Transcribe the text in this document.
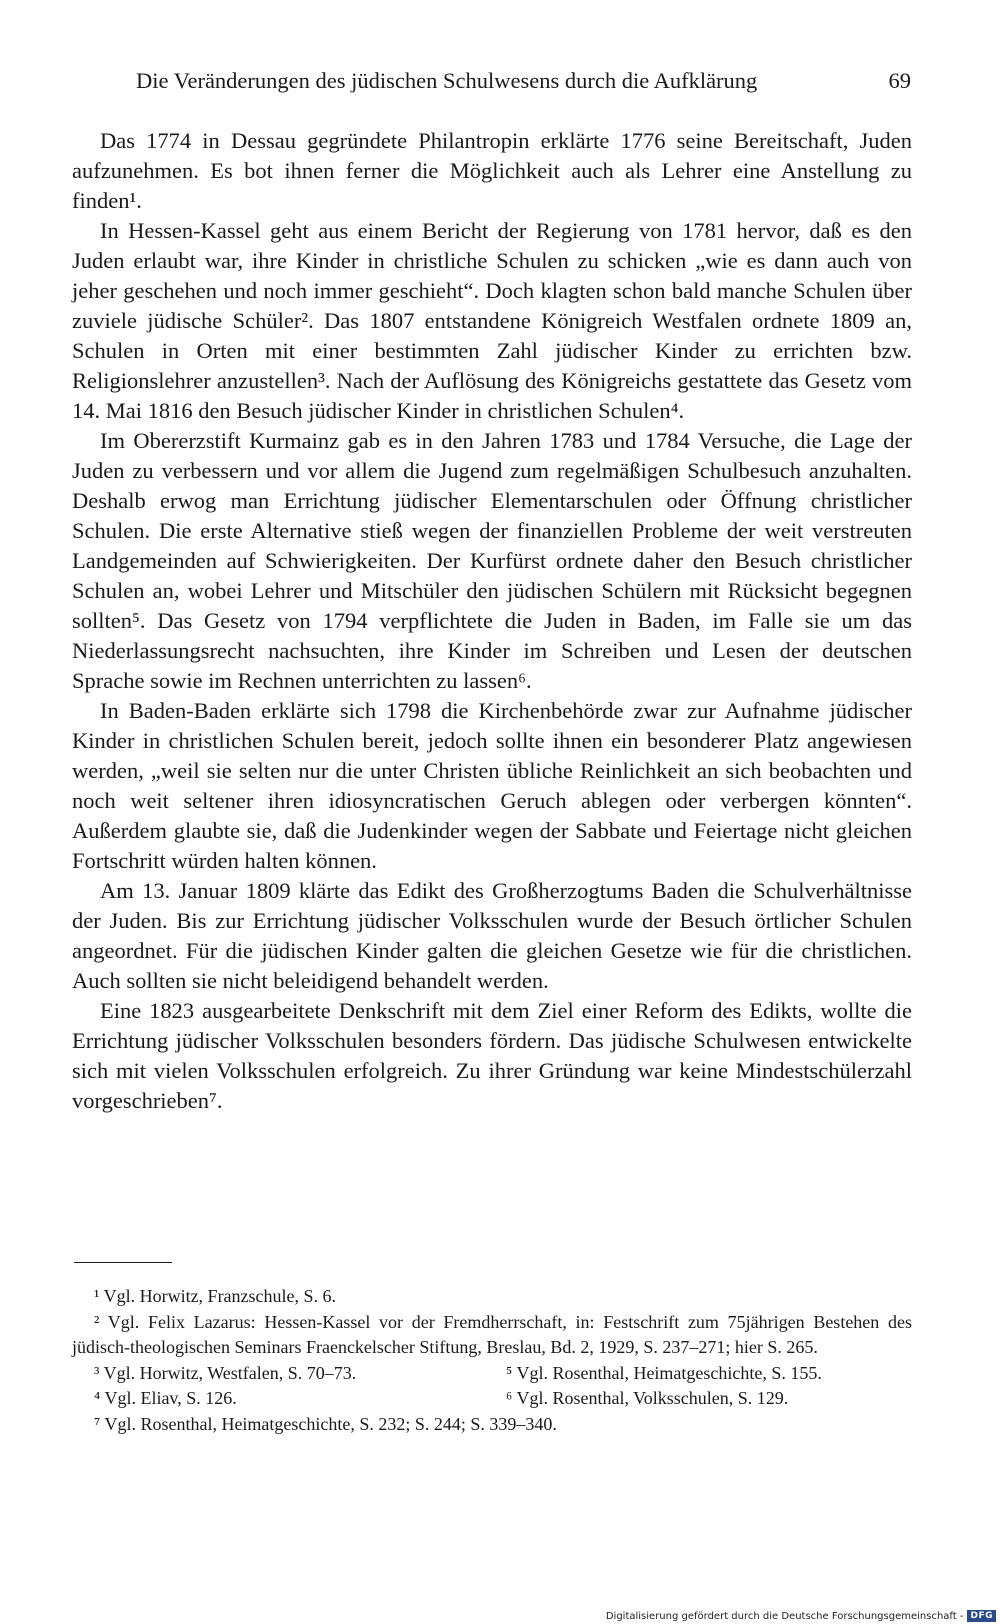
Die Veränderungen des jüdischen Schulwesens durch die Aufklärung	69

Das 1774 in Dessau gegründete Philantropin erklärte 1776 seine Bereitschaft, Juden aufzunehmen. Es bot ihnen ferner die Möglichkeit auch als Lehrer eine Anstellung zu finden¹.

In Hessen-Kassel geht aus einem Bericht der Regierung von 1781 hervor, daß es den Juden erlaubt war, ihre Kinder in christliche Schulen zu schicken „wie es dann auch von jeher geschehen und noch immer geschieht“. Doch klagten schon bald manche Schulen über zuviele jüdische Schüler². Das 1807 entstandene Königreich Westfalen ordnete 1809 an, Schulen in Orten mit einer bestimmten Zahl jüdischer Kinder zu errichten bzw. Religionslehrer anzustellen³. Nach der Auflösung des Königreichs gestattete das Gesetz vom 14. Mai 1816 den Besuch jüdischer Kinder in christlichen Schulen⁴.

Im Obererzstift Kurmainz gab es in den Jahren 1783 und 1784 Versuche, die Lage der Juden zu verbessern und vor allem die Jugend zum regelmäßigen Schulbesuch anzuhalten. Deshalb erwog man Errichtung jüdischer Elementarschulen oder Öffnung christlicher Schulen. Die erste Alternative stieß wegen der finanziellen Probleme der weit verstreuten Landgemeinden auf Schwierigkeiten. Der Kurfürst ordnete daher den Besuch christlicher Schulen an, wobei Lehrer und Mitschüler den jüdischen Schülern mit Rücksicht begegnen sollten⁵. Das Gesetz von 1794 verpflichtete die Juden in Baden, im Falle sie um das Niederlassungsrecht nachsuchten, ihre Kinder im Schreiben und Lesen der deutschen Sprache sowie im Rechnen unterrichten zu lassen⁶.

In Baden-Baden erklärte sich 1798 die Kirchenbehörde zwar zur Aufnahme jüdischer Kinder in christlichen Schulen bereit, jedoch sollte ihnen ein besonderer Platz angewiesen werden, „weil sie selten nur die unter Christen übliche Reinlichkeit an sich beobachten und noch weit seltener ihren idiosyncratischen Geruch ablegen oder verbergen könnten“. Außerdem glaubte sie, daß die Judenkinder wegen der Sabbate und Feiertage nicht gleichen Fortschritt würden halten können.

Am 13. Januar 1809 klärte das Edikt des Großherzogtums Baden die Schulverhältnisse der Juden. Bis zur Errichtung jüdischer Volksschulen wurde der Besuch örtlicher Schulen angeordnet. Für die jüdischen Kinder galten die gleichen Gesetze wie für die christlichen. Auch sollten sie nicht beleidigend behandelt werden.

Eine 1823 ausgearbeitete Denkschrift mit dem Ziel einer Reform des Edikts, wollte die Errichtung jüdischer Volksschulen besonders fördern. Das jüdische Schulwesen entwickelte sich mit vielen Volksschulen erfolgreich. Zu ihrer Gründung war keine Mindestschülerzahl vorgeschrieben⁷.

¹ Vgl. Horwitz, Franzschule, S. 6.

² Vgl. Felix Lazarus: Hessen-Kassel vor der Fremdherrschaft, in: Festschrift zum 75jährigen Bestehen des jüdisch-theologischen Seminars Fraenckelscher Stiftung, Breslau, Bd. 2, 1929, S. 237–271; hier S. 265.

³ Vgl. Horwitz, Westfalen, S. 70–73.	⁵ Vgl. Rosenthal, Heimatgeschichte, S. 155.

⁴ Vgl. Eliav, S. 126.	⁶ Vgl. Rosenthal, Volksschulen, S. 129.

⁷ Vgl. Rosenthal, Heimatgeschichte, S. 232; S. 244; S. 339–340.

Digitalisierung gefördert durch die Deutsche Forschungsgemeinschaft - DFG
